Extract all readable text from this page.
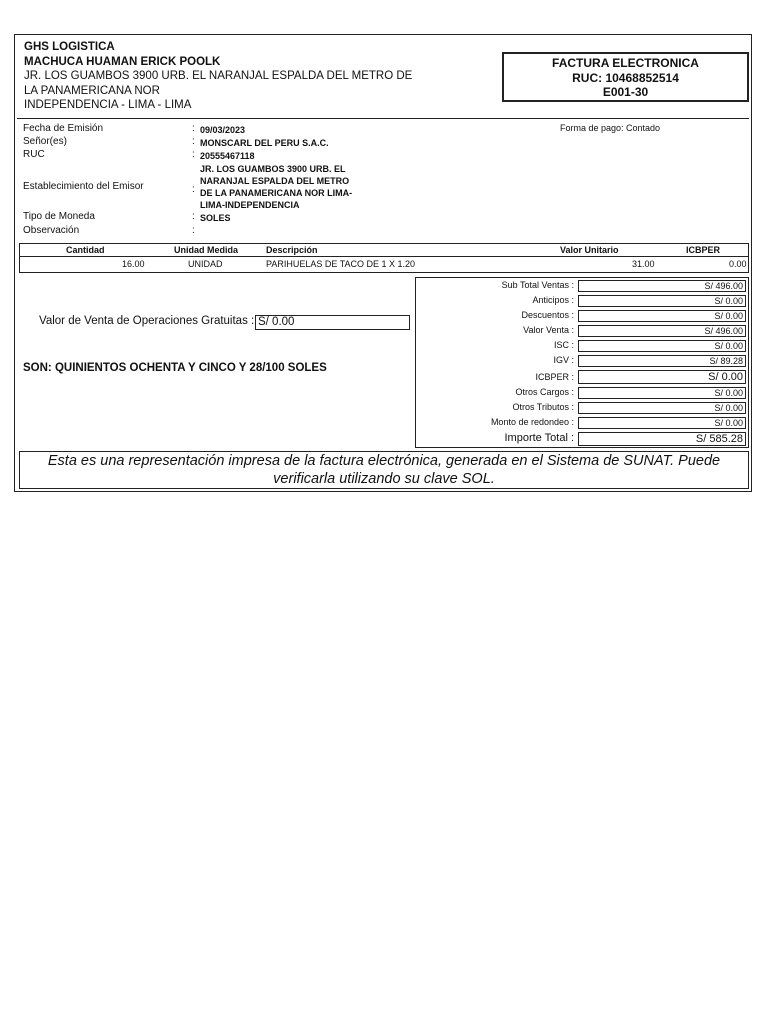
GHS LOGISTICA
MACHUCA HUAMAN ERICK POOLK
JR. LOS GUAMBOS 3900 URB. EL NARANJAL ESPALDA DEL METRO DE
LA PANAMERICANA NOR
INDEPENDENCIA - LIMA - LIMA
FACTURA ELECTRONICA
RUC: 10468852514
E001-30
Fecha de Emisión	: 09/03/2023
Señor(es)	: MONSCARL DEL PERU S.A.C.
RUC	: 20555467118
Establecimiento del Emisor	:
JR. LOS GUAMBOS 3900 URB. EL
NARANJAL ESPALDA DEL METRO
DE LA PANAMERICANA NOR LIMA-
LIMA-INDEPENDENCIA
Tipo de Moneda	: SOLES
Observación	:
Forma de pago: Contado
Cantidad	Unidad Medida	Descripción	Valor Unitario	ICBPER
16.00	UNIDAD	PARIHUELAS DE TACO DE 1 X 1.20	31.00	0.00
Valor de Venta de Operaciones Gratuitas : S/ 0.00
SON: QUINIENTOS OCHENTA Y CINCO Y 28/100 SOLES
Sub Total Ventas :	S/ 496.00
Anticipos :	S/ 0.00
Descuentos :	S/ 0.00
Valor Venta :	S/ 496.00
ISC :	S/ 0.00
IGV :	S/ 89.28
ICBPER :	S/ 0.00
Otros Cargos :	S/ 0.00
Otros Tributos :	S/ 0.00
Monto de redondeo :	S/ 0.00
Importe Total :	S/ 585.28
Esta es una representación impresa de la factura electrónica, generada en el Sistema de SUNAT. Puede
verificarla utilizando su clave SOL.
